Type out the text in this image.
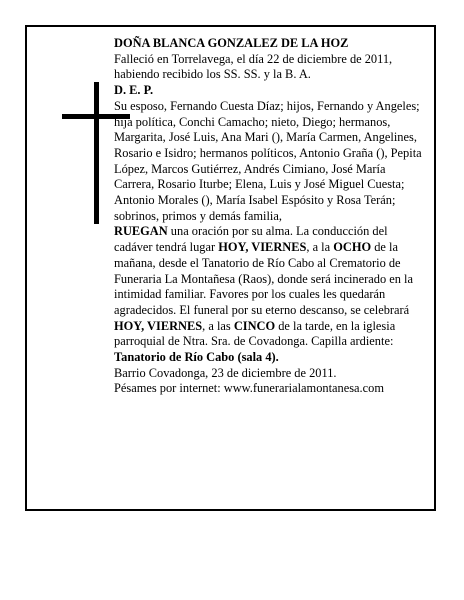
DOÑA BLANCA GONZALEZ DE LA HOZ

Falleció en Torrelavega, el día 22 de diciembre de 2011, habiendo recibido los SS. SS. y la B. A.

D. E. P.

Su esposo, Fernando Cuesta Díaz; hijos, Fernando y Angeles; hija política, Conchi Camacho; nieto, Diego; hermanos, Margarita, José Luis, Ana Mari (), María Carmen, Angelines, Rosario e Isidro; hermanos políticos, Antonio Graña (), Pepita López, Marcos Gutiérrez, Andrés Cimiano, José María Carrera, Rosario Iturbe; Elena, Luis y José Miguel Cuesta; Antonio Morales (), María Isabel Espósito y Rosa Terán; sobrinos, primos y demás familia,

RUEGAN una oración por su alma. La conducción del cadáver tendrá lugar HOY, VIERNES, a la OCHO de la mañana, desde el Tanatorio de Río Cabo al Crematorio de Funeraria La Montañesa (Raos), donde será incinerado en la intimidad familiar. Favores por los cuales les quedarán agradecidos. El funeral por su eterno descanso, se celebrará HOY, VIERNES, a las CINCO de la tarde, en la iglesia parroquial de Ntra. Sra. de Covadonga. Capilla ardiente: Tanatorio de Río Cabo (sala 4).

Barrio Covadonga, 23 de diciembre de 2011.

Pésames por internet: www.funerarialamontanesa.com
